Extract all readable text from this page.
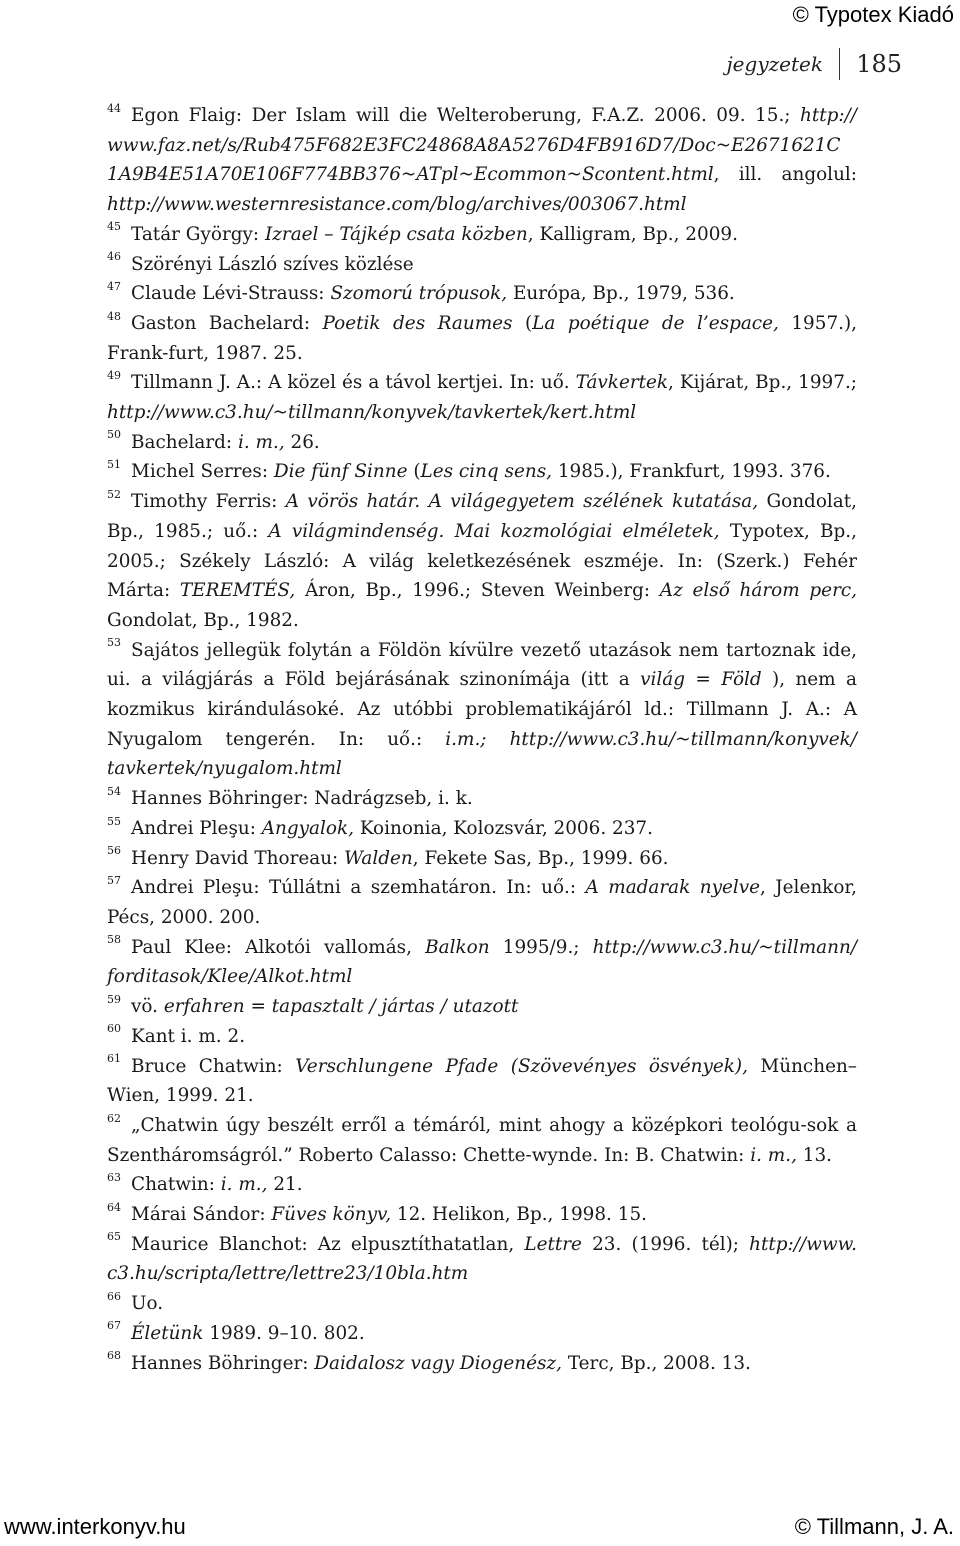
© Typotex Kiadó
jegyzetek 185

$^{44}$ Egon Flaig: Der Islam will die Welteroberung, F.A.Z. 2006. 09. 15.; http:// www.faz.net/s/Rub475F682E3FC24868A8A5276D4FB916D7/Doc~E2671621C 1A9B4E51A70E106F774BB376~ATpl~Ecommon~Scontent.html, ill. angolul: http://www.westernresistance.com/blog/archives/003067.html

$^{45}$ Tatár György: Izrael – Tájkép csata közben, Kalligram, Bp., 2009.

$^{46}$ Szörényi László szíves közlése

$^{47}$ Claude Lévi-Strauss: Szomorú trópusok, Európa, Bp., 1979, 536.

$^{48}$ Gaston Bachelard: Poetik des Raumes (La poétique de l’espace, 1957.), Frank-furt, 1987. 25.

$^{49}$ Tillmann J. A.: A közel és a távol kertjei. In: uő. Távkertek, Kijárat, Bp., 1997.; http://www.c3.hu/~tillmann/konyvek/tavkertek/kert.html

$^{50}$ Bachelard: i. m., 26.

$^{51}$ Michel Serres: Die fünf Sinne (Les cinq sens, 1985.), Frankfurt, 1993. 376.

$^{52}$ Timothy Ferris: A vörös határ. A világegyetem szélének kutatása, Gondolat, Bp., 1985.; uő.: A világmindenség. Mai kozmológiai elméletek, Typotex, Bp., 2005.; Székely László: A világ keletkezésének eszméje. In: (Szerk.) Fehér Márta: TEREMTÉS, Áron, Bp., 1996.; Steven Weinberg: Az első három perc, Gondolat, Bp., 1982.

$^{53}$ Sajátos jellegük folytán a Földön kívülre vezető utazások nem tartoznak ide, ui. a világjárás a Föld bejárásának szinonímája (itt a világ = Föld ), nem a kozmikus kirándulásoké. Az utóbbi problematikájáról ld.: Tillmann J. A.: A Nyugalom tengerén. In: uő.: i.m.; http://www.c3.hu/~tillmann/konyvek/ tavkertek/nyugalom.html

$^{54}$ Hannes Böhringer: Nadrágzseb, i. k.

$^{55}$ Andrei Pleşu: Angyalok, Koinonia, Kolozsvár, 2006. 237.

$^{56}$ Henry David Thoreau: Walden, Fekete Sas, Bp., 1999. 66.

$^{57}$ Andrei Pleşu: Túllátni a szemhatáron. In: uő.: A madarak nyelve, Jelenkor, Pécs, 2000. 200.

$^{58}$ Paul Klee: Alkotói vallomás, Balkon 1995/9.; http://www.c3.hu/~tillmann/ forditasok/Klee/Alkot.html

$^{59}$ vö. erfahren = tapasztalt / jártas / utazott

$^{60}$ Kant i. m. 2.

$^{61}$ Bruce Chatwin: Verschlungene Pfade (Szövevényes ösvények), München–Wien, 1999. 21.

$^{62}$ „Chatwin úgy beszélt erről a témáról, mint ahogy a középkori teológu-sok a Szentháromságról.” Roberto Calasso: Chette-wynde. In: B. Chatwin: i. m., 13.

$^{63}$ Chatwin: i. m., 21.

$^{64}$ Márai Sándor: Füves könyv, 12. Helikon, Bp., 1998. 15.

$^{65}$ Maurice Blanchot: Az elpusztíthatatlan, Lettre 23. (1996. tél); http://www. c3.hu/scripta/lettre/lettre23/10bla.htm

$^{66}$ Uo.

$^{67}$ Életünk 1989. 9–10. 802.

$^{68}$ Hannes Böhringer: Daidalosz vagy Diogenész, Terc, Bp., 2008. 13.

www.interkonyv.hu	© Tillmann, J. A.
